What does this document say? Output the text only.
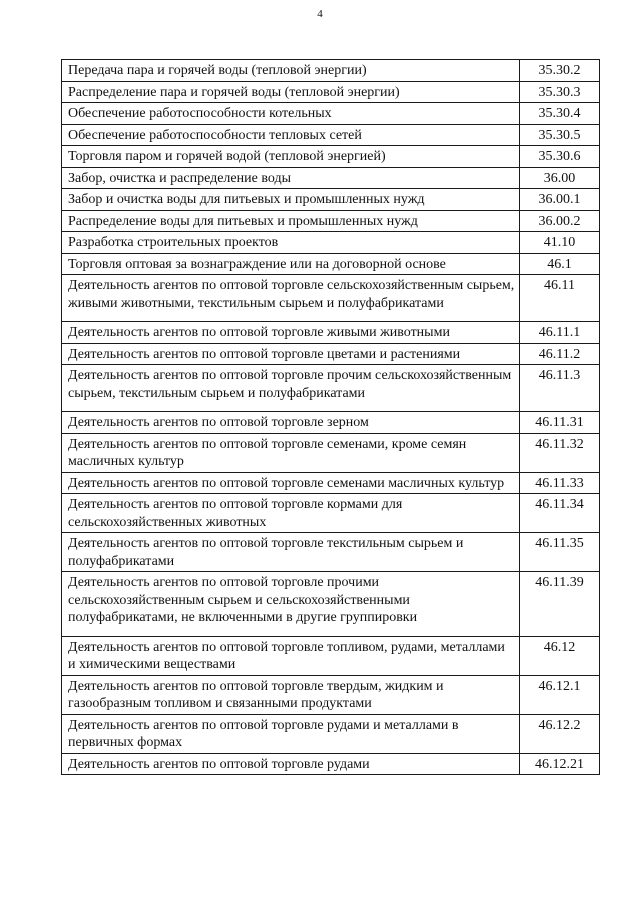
4
Передача пара и горячей воды (тепловой энергии)	35.30.2
Распределение пара и горячей воды (тепловой энергии)	35.30.3
Обеспечение работоспособности котельных	35.30.4
Обеспечение работоспособности тепловых сетей	35.30.5
Торговля паром и горячей водой (тепловой энергией)	35.30.6
Забор, очистка и распределение воды	36.00
Забор и очистка воды для питьевых и промышленных нужд	36.00.1
Распределение воды для питьевых и промышленных нужд	36.00.2
Разработка строительных проектов	41.10
Торговля оптовая за вознаграждение или на договорной основе	46.1
Деятельность агентов по оптовой торговле сельскохозяйственным сырьем, живыми животными, текстильным сырьем и полуфабрикатами	46.11
Деятельность агентов по оптовой торговле живыми животными	46.11.1
Деятельность агентов по оптовой торговле цветами и растениями	46.11.2
Деятельность агентов по оптовой торговле прочим сельскохозяйственным сырьем, текстильным сырьем и полуфабрикатами	46.11.3
Деятельность агентов по оптовой торговле зерном	46.11.31
Деятельность агентов по оптовой торговле семенами, кроме семян масличных культур	46.11.32
Деятельность агентов по оптовой торговле семенами масличных культур	46.11.33
Деятельность агентов по оптовой торговле кормами для сельскохозяйственных животных	46.11.34
Деятельность агентов по оптовой торговле текстильным сырьем и полуфабрикатами	46.11.35
Деятельность агентов по оптовой торговле прочими сельскохозяйственным сырьем и сельскохозяйственными полуфабрикатами, не включенными в другие группировки	46.11.39
Деятельность агентов по оптовой торговле топливом, рудами, металлами и химическими веществами	46.12
Деятельность агентов по оптовой торговле твердым, жидким и газообразным топливом и связанными продуктами	46.12.1
Деятельность агентов по оптовой торговле рудами и металлами в первичных формах	46.12.2
Деятельность агентов по оптовой торговле рудами	46.12.21
